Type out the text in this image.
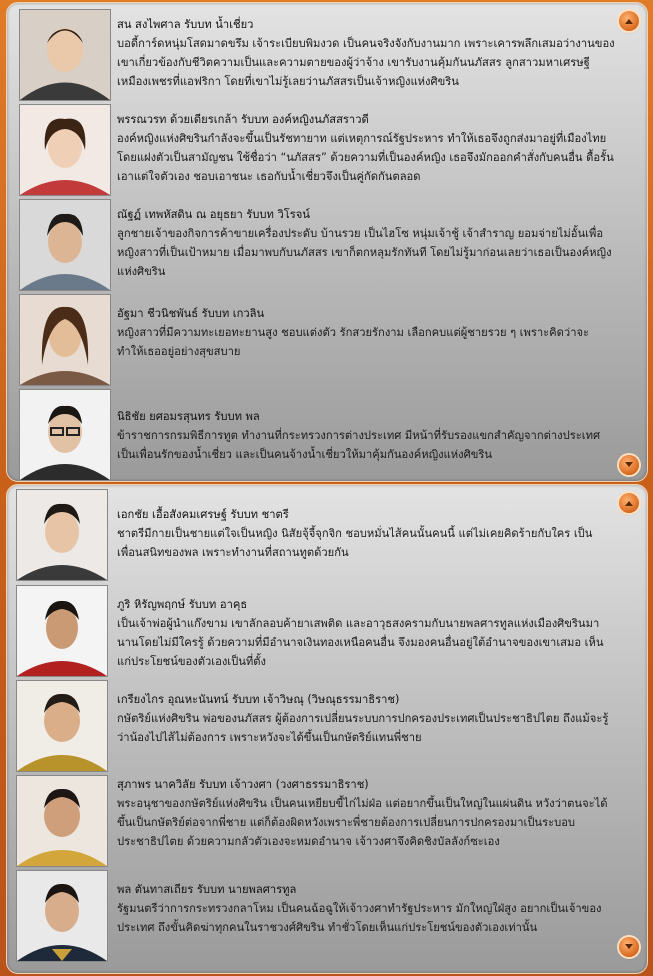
สน สงไพศาล รับบท น้ำเชี่ยว
บอดี้การ์ดหนุ่มโสดมาดขรึม เจ้าระเบียบพิมงวด เป็นคนจริงจังกับงานมาก เพราะเคารพลึกเสมอว่างานของเขาเกี่ยวข้องกับชีวิตความเป็นและความตายของผู้ว่าจ้าง เขารับงานคุ้มกันนภัสสร ลูกสาวมหาเศรษฐีเหมืองเพชรที่แอฟริกา โดยที่เขาไม่รู้เลยว่านภัสสรเป็นเจ้าหญิงแห่งศิขริน
พรรณวรท ด้วยเดียรเกล้า รับบท องค์หญิงนภัสสราวดี
องค์หญิงแห่งศิขรินกำลังจะขึ้นเป็นรัชทายาท แต่เหตุการณ์รัฐประหาร ทำให้เธอจึงถูกส่งมาอยู่ที่เมืองไทย โดยแฝงตัวเป็นสามัญชน ใช้ชื่อว่า “นภัสสร” ด้วยความที่เป็นองค์หญิง เธอจึงมักออกคำสั่งกับคนอื่น ดื้อรั้น เอาแต่ใจตัวเอง ชอบเอาชนะ เธอกับน้ำเชี่ยวจึงเป็นคู่กัดกันตลอด
ณัฐฏ์ เทพหัสดิน ณ อยุธยา รับบท วิโรจน์
ลูกชายเจ้าของกิจการค้าขายเครื่องประดับ บ้านรวย เป็นไฮโซ หนุ่มเจ้าชู้ เจ้าสำราญ ยอมจ่ายไม่อั้นเพื่อหญิงสาวที่เป็นเป้าหมาย เมื่อมาพบกับนภัสสร เขาก็ตกหลุมรักทันที โดยไม่รู้มาก่อนเลยว่าเธอเป็นองค์หญิงแห่งศิขริน
อัฐมา ชีวนิชพันธ์ รับบท เกวลิน
หญิงสาวที่มีความทะเยอทะยานสูง ชอบแต่งตัว รักสวยรักงาม เลือกคบแต่ผู้ชายรวย ๆ เพราะคิดว่าจะทำให้เธออยู่อย่างสุขสบาย
นิธิชัย ยศอมรสุนทร รับบท พล
ข้าราชการกรมพิธีการทูต ทำงานที่กระทรวงการต่างประเทศ มีหน้าที่รับรองแขกสำคัญจากต่างประเทศ เป็นเพื่อนรักของน้ำเชี่ยว และเป็นคนจ้างน้ำเชี่ยวให้มาคุ้มกันองค์หญิงแห่งศิขริน
เอกชัย เอื้อสังคมเศรษฐ์ รับบท ชาตรี
ชาตรีมีกายเป็นชายแต่ใจเป็นหญิง นิสัยจุ้จี้จุกจิก ชอบหมั่นไส้คนนั้นคนนี้ แต่ไม่เคยคิดร้ายกับใคร เป็นเพื่อนสนิทของพล เพราะทำงานที่สถานทูตด้วยกัน
ภูริ หิรัญพฤกษ์ รับบท อาคุธ
เป็นเจ้าพ่อผู้นำแก๊งขาม เขาลักลอบค้ายาเสพติด และอาวุธสงครามกับนายพลศารทูลแห่งเมืองศิขรินมานานโดยไม่มีใครรู้ ด้วยความที่มีอำนาจเงินทองเหนือคนอื่น จึงมองคนอื่นอยู่ใต้อำนาจของเขาเสมอ เห็นแก่ประโยชน์ของตัวเองเป็นที่ตั้ง
เกรียงไกร อุณหะนันทน์ รับบท เจ้าวิษณุ (วิษณุธรรมาธิราช)
กษัตริย์แห่งศิขริน พ่อของนภัสสร ผู้ต้องการเปลี่ยนระบบการปกครองประเทศเป็นประชาธิปไตย ถึงแม้จะรู้ว่าน้องไปไส้ไม่ต้องการ เพราะหวังจะได้ขึ้นเป็นกษัตริย์แทนพี่ชาย
สุภาพร นาควิลัย รับบท เจ้าวงศา (วงศาธรรมาธิราช)
พระอนุชาของกษัตริย์แห่งศิขริน เป็นคนเหยียบขี้ไก่ไม่ฝ่อ แต่อยากขึ้นเป็นใหญ่ในแผ่นดิน หวังว่าตนจะได้ขึ้นเป็นกษัตริย์ต่อจากพี่ชาย แต่ก็ต้องผิดหวังเพราะพี่ชายต้องการเปลี่ยนการปกครองมาเป็นระบอบประชาธิปไตย ด้วยความกลัวตัวเองจะหมดอำนาจ เจ้าวงศาจึงคิดชิงบัลลังก์ซะเอง
พล ตันทาสเถียร รับบท นายพลศารทูล
รัฐมนตรีว่าการกระทรวงกลาโหม เป็นคนฉ้อฉูให้เจ้าวงศาทำรัฐประหาร มักใหญ่ใฝ่สูง อยากเป็นเจ้าของประเทศ ถึงขั้นคิดฆ่าทุกคนในราชวงศ์ศิขริน ทำชั่วโดยเห็นแก่ประโยชน์ของตัวเองเท่านั้น
